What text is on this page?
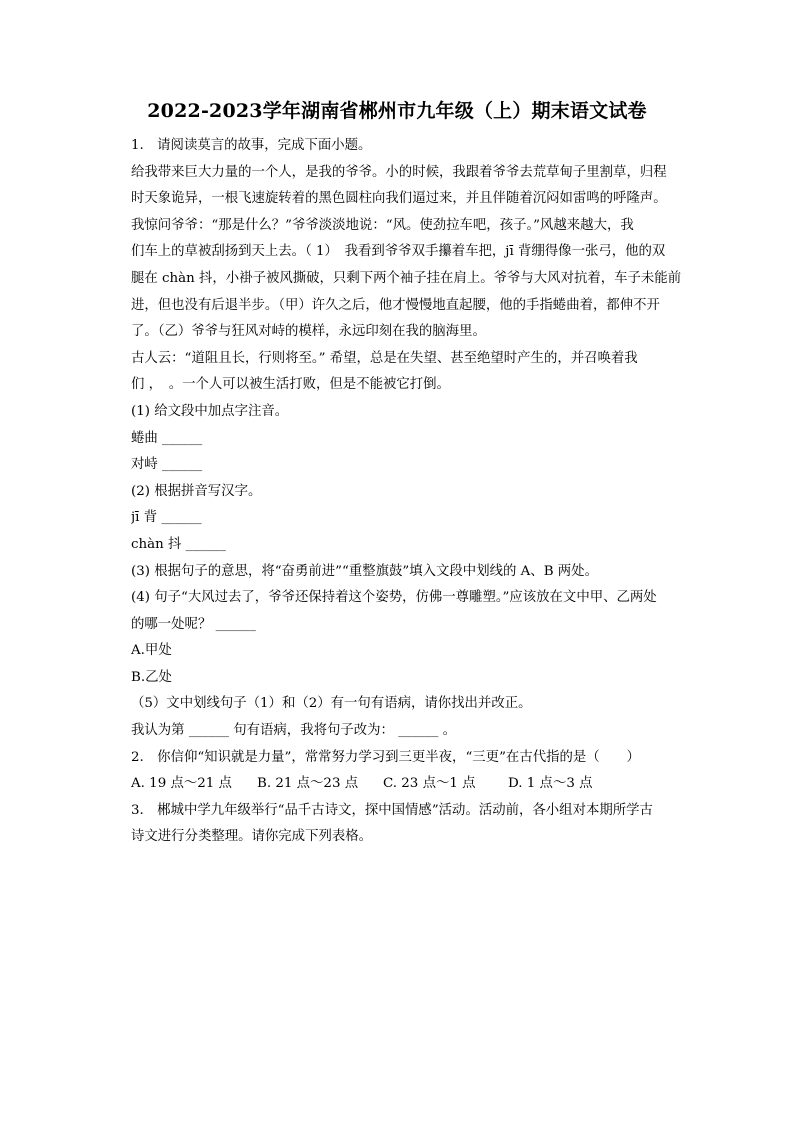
2022-2023学年湖南省郴州市九年级（上）期末语文试卷
1.　请阅读莫言的故事，完成下面小题。
给我带来巨大力量的一个人，是我的爷爷。小的时候，我跟着爷爷去荒草甸子里割草，归程
时天象诡异，一根飞速旋转着的黑色圆柱向我们逼过来，并且伴随着沉闷如雷鸣的呼隆声。
我惊问爷爷：“那是什么？”爷爷淡淡地说：“风。使劲拉车吧，孩子。”风越来越大，我
们车上的草被刮扬到天上去。（ 1）　我看到爷爷双手攥着车把，jī 背绷得像一张弓，他的双
腿在 chàn 抖，小褂子被风撕破，只剩下两个袖子挂在肩上。爷爷与大风对抗着，车子未能前
进，但也没有后退半步。（甲）许久之后，他才慢慢地直起腰，他的手指蜷曲着，都伸不开
了。（乙）爷爷与狂风对峙的模样，永远印刻在我的脑海里。
古人云：“道阻且长，行则将至。” 希望，总是在失望、甚至绝望时产生的，并召唤着我
们 ，　。一个人可以被生活打败，但是不能被它打倒。
(1) 给文段中加点字注音。
蜷曲 ______
对峙 ______
(2) 根据拼音写汉字。
jī 背 ______
chàn 抖 ______
(3) 根据句子的意思，将“奋勇前进”“重整旗鼓”填入文段中划线的 A、B 两处。
(4) 句子“大风过去了，爷爷还保持着这个姿势，仿佛一尊雕塑。”应该放在文中甲、乙两处
的哪一处呢？ ______
A.甲处
B.乙处
（5）文中划线句子（1）和（2）有一句有语病，请你找出并改正。
我认为第 ______ 句有语病，我将句子改为： ______ 。
2.　你信仰“知识就是力量”，常常努力学习到三更半夜，“三更”在古代指的是（　　）
A. 19 点～21 点 B. 21 点～23 点 C. 23 点～1 点 D. 1 点～3 点
3.　郴城中学九年级举行“品千古诗文，探中国情感”活动。活动前，各小组对本期所学古
诗文进行分类整理。请你完成下列表格。
